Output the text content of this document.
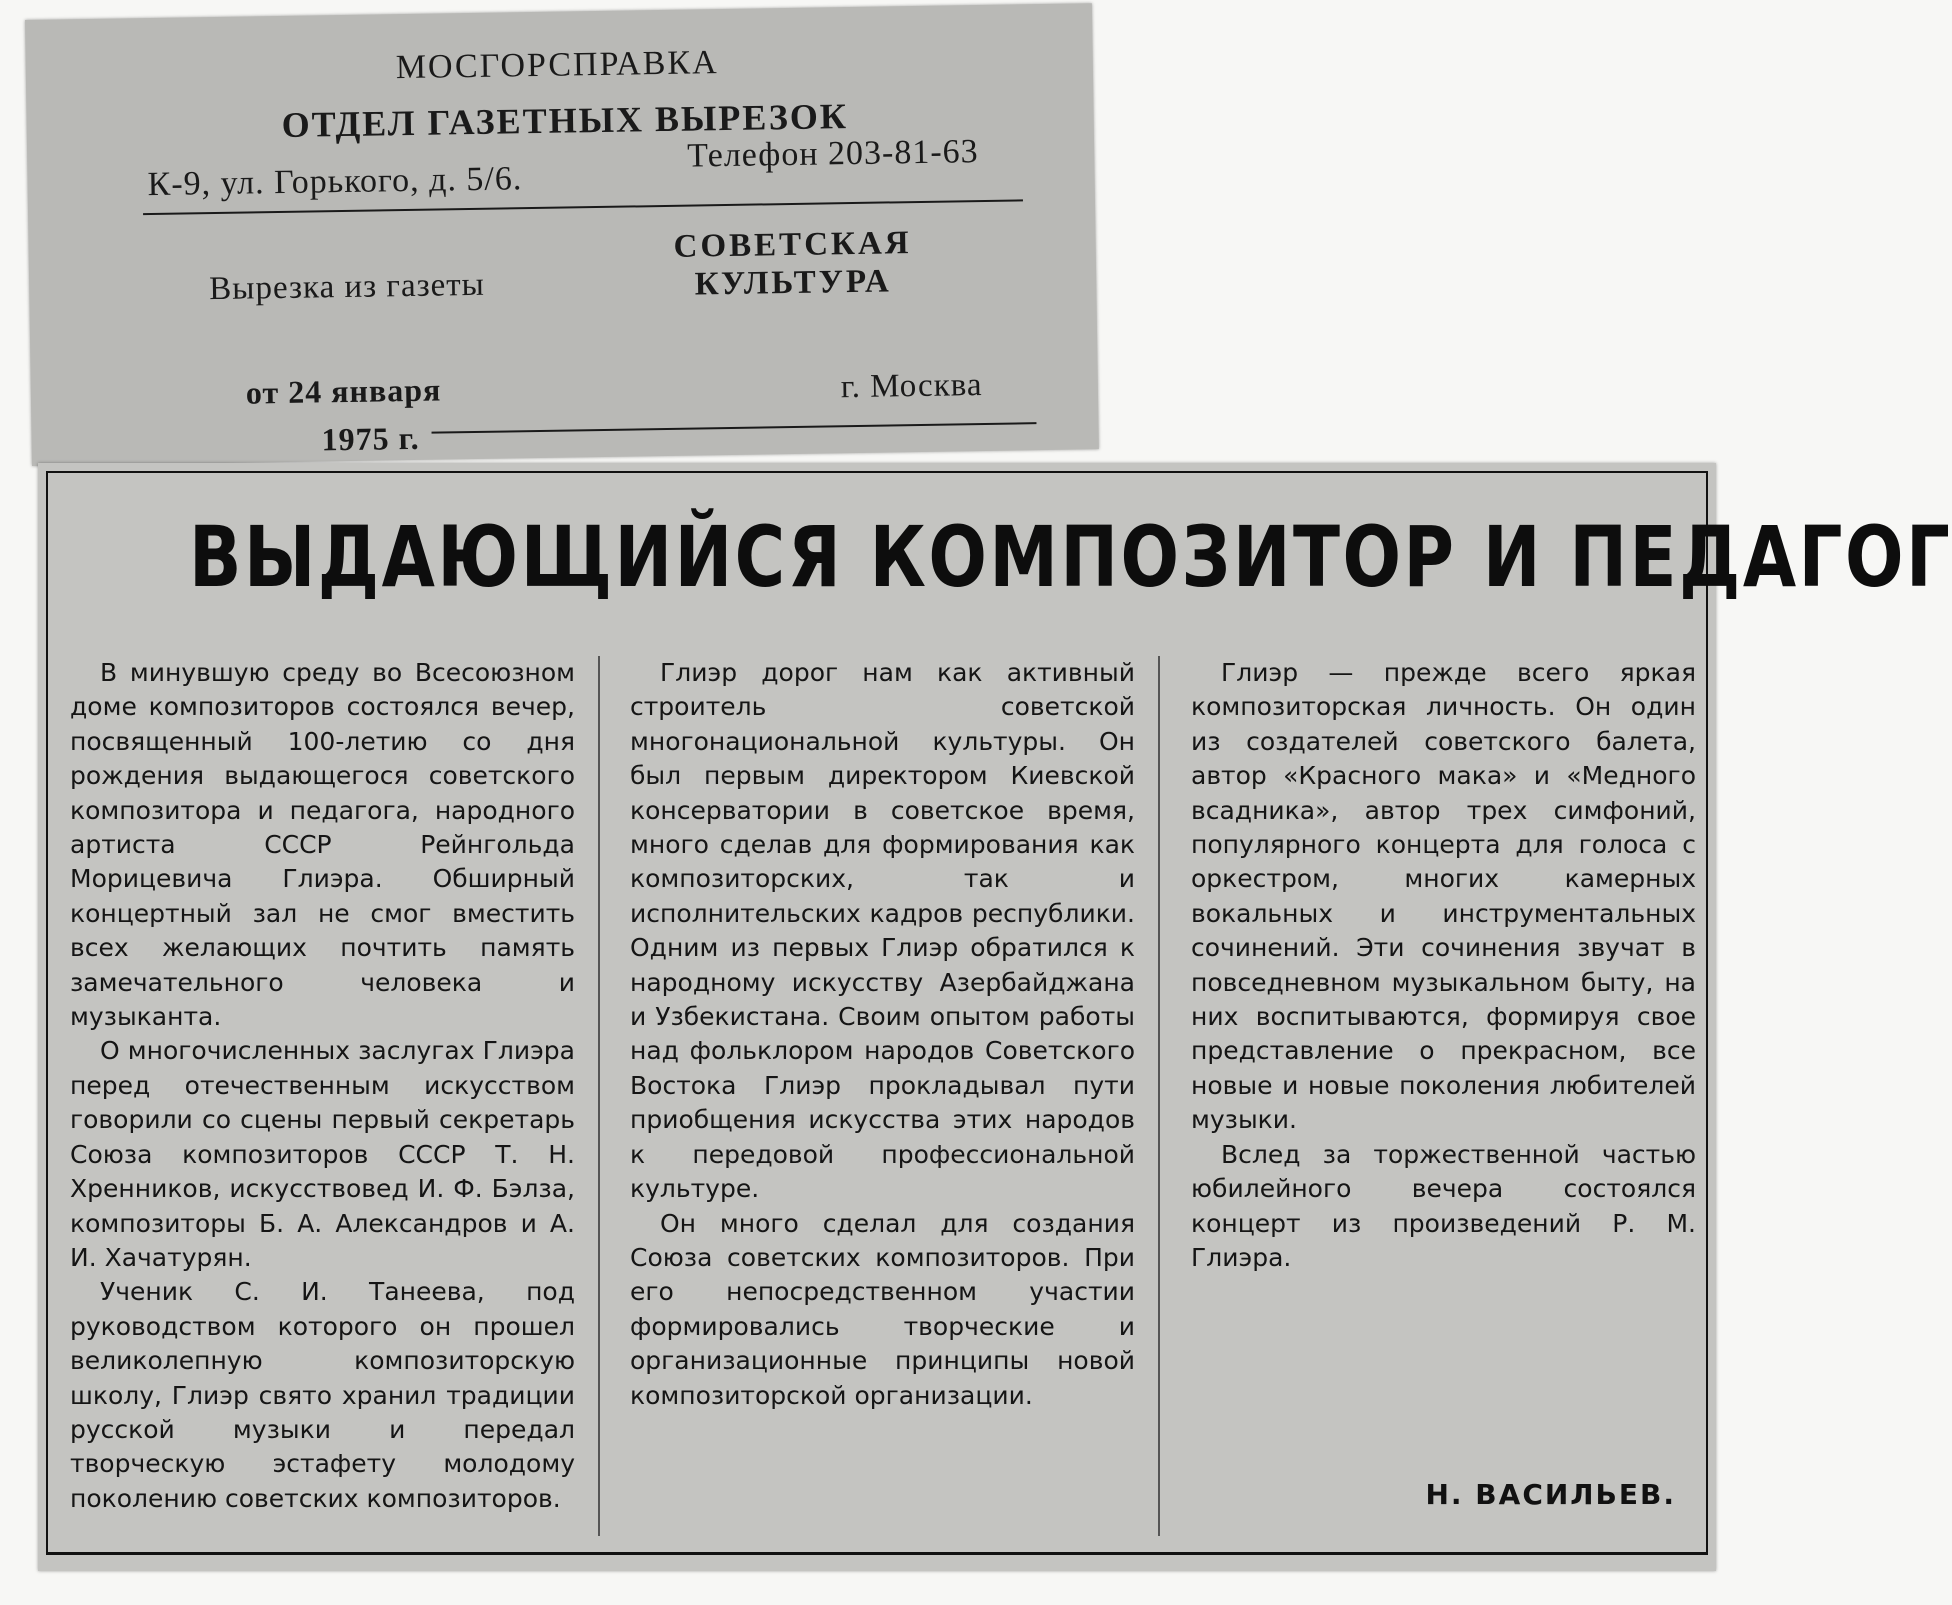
МОСГОРСПРАВКА
ОТДЕЛ ГАЗЕТНЫХ ВЫРЕЗОК
К-9, ул. Горького, д. 5/6.
Телефон 203-81-63
Вырезка из газеты
СОВЕТСКАЯ
КУЛЬТУРА
от 24 января
1975 г.
г. Москва
ВЫДАЮЩИЙСЯ КОМПОЗИТОР И ПЕДАГОГ

В минувшую среду во Всесоюзном доме композиторов состоялся вечер, посвященный 100-летию со дня рождения выдающегося советского композитора и педагога, народного артиста СССР Рейнгольда Морицевича Глиэра. Обширный концертный зал не смог вместить всех желающих почтить память замечательного человека и музыканта.

О многочисленных заслугах Глиэра перед отечественным искусством говорили со сцены первый секретарь Союза композиторов СССР Т. Н. Хренников, искусствовед И. Ф. Бэлза, композиторы Б. А. Александров и А. И. Хачатурян.

Ученик С. И. Танеева, под руководством которого он прошел великолепную композиторскую школу, Глиэр свято хранил традиции русской музыки и передал творческую эстафету молодому поколению советских композиторов.

Глиэр дорог нам как активный строитель советской многонациональной культуры. Он был первым директором Киевской консерватории в советское время, много сделав для формирования как композиторских, так и исполнительских кадров республики. Одним из первых Глиэр обратился к народному искусству Азербайджана и Узбекистана. Своим опытом работы над фольклором народов Советского Востока Глиэр прокладывал пути приобщения искусства этих народов к передовой профессиональной культуре.

Он много сделал для создания Союза советских композиторов. При его непосредственном участии формировались творческие и организационные принципы новой композиторской организации.

Глиэр — прежде всего яркая композиторская личность. Он один из создателей советского балета, автор «Красного мака» и «Медного всадника», автор трех симфоний, популярного концерта для голоса с оркестром, многих камерных вокальных и инструментальных сочинений. Эти сочинения звучат в повседневном музыкальном быту, на них воспитываются, формируя свое представление о прекрасном, все новые и новые поколения любителей музыки.

Вслед за торжественной частью юбилейного вечера состоялся концерт из произведений Р. М. Глиэра.

Н. ВАСИЛЬЕВ.
